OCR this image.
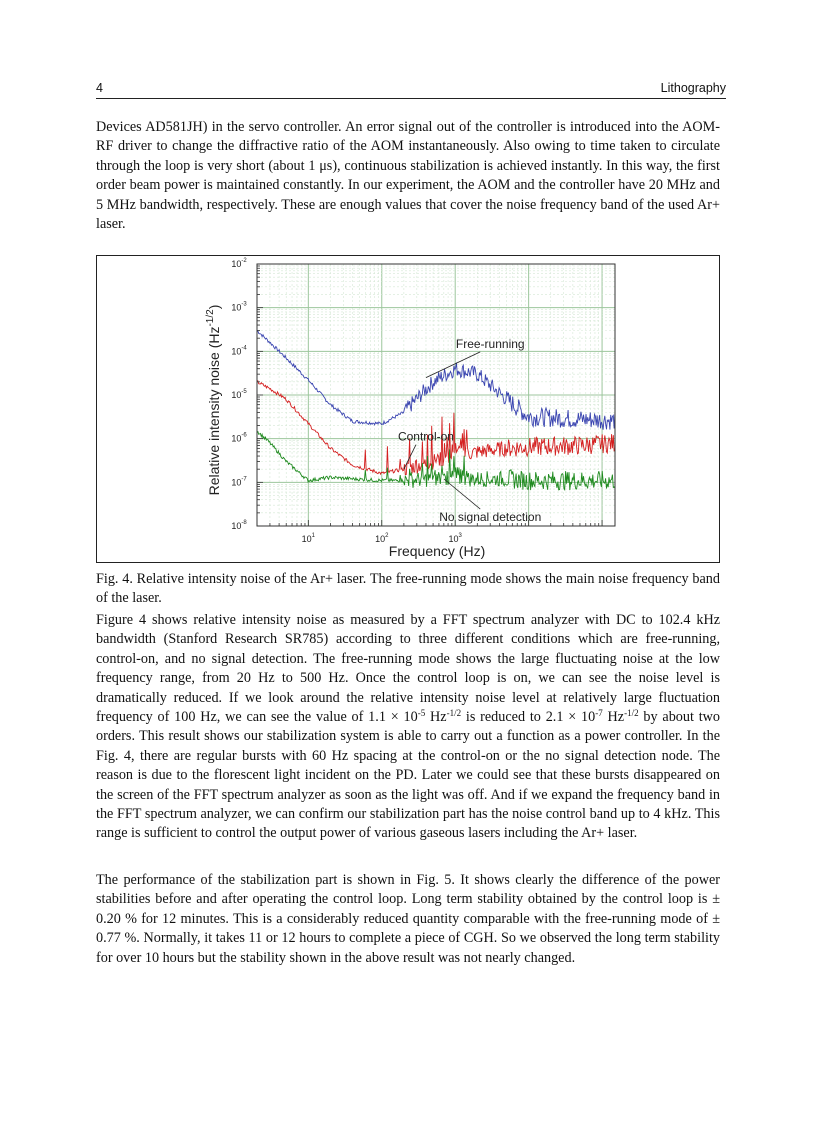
4	Lithography

Devices AD581JH) in the servo controller. An error signal out of the controller is introduced into the AOM-RF driver to change the diffractive ratio of the AOM instantaneously. Also owing to time taken to circulate through the loop is very short (about 1 μs), continuous stabilization is achieved instantly. In this way, the first order beam power is maintained constantly. In our experiment, the AOM and the controller have 20 MHz and 5 MHz bandwidth, respectively. These are enough values that cover the noise frequency band of the used Ar+ laser.

$10^1$	$10^2$	$10^3$
$10^{-2}$
$10^{-3}$
$10^{-4}$
$10^{-5}$
$10^{-6}$
$10^{-7}$
$10^{-8}$
Free-running
Control-on
No signal detection
Frequency (Hz)
Relative intensity noise $(Hz^{-1/2})$

Fig. 4. Relative intensity noise of the Ar+ laser. The free-running mode shows the main noise frequency band of the laser.

Figure 4 shows relative intensity noise as measured by a FFT spectrum analyzer with DC to 102.4 kHz bandwidth (Stanford Research SR785) according to three different conditions which are free-running, control-on, and no signal detection. The free-running mode shows the large fluctuating noise at the low frequency range, from 20 Hz to 500 Hz. Once the control loop is on, we can see the noise level is dramatically reduced. If we look around the relative intensity noise level at relatively large fluctuation frequency of 100 Hz, we can see the value of $1.1 \times 10^{-5}$ $Hz^{-1/2}$ is reduced to $2.1 \times 10^{-7}$ $Hz^{-1/2}$ by about two orders. This result shows our stabilization system is able to carry out a function as a power controller. In the Fig. 4, there are regular bursts with 60 Hz spacing at the control-on or the no signal detection node. The reason is due to the florescent light incident on the PD. Later we could see that these bursts disappeared on the screen of the FFT spectrum analyzer as soon as the light was off. And if we expand the frequency band in the FFT spectrum analyzer, we can confirm our stabilization part has the noise control band up to 4 kHz. This range is sufficient to control the output power of various gaseous lasers including the Ar+ laser.

The performance of the stabilization part is shown in Fig. 5. It shows clearly the difference of the power stabilities before and after operating the control loop. Long term stability obtained by the control loop is ± 0.20 % for 12 minutes. This is a considerably reduced quantity comparable with the free-running mode of ± 0.77 %. Normally, it takes 11 or 12 hours to complete a piece of CGH. So we observed the long term stability for over 10 hours but the stability shown in the above result was not nearly changed.
